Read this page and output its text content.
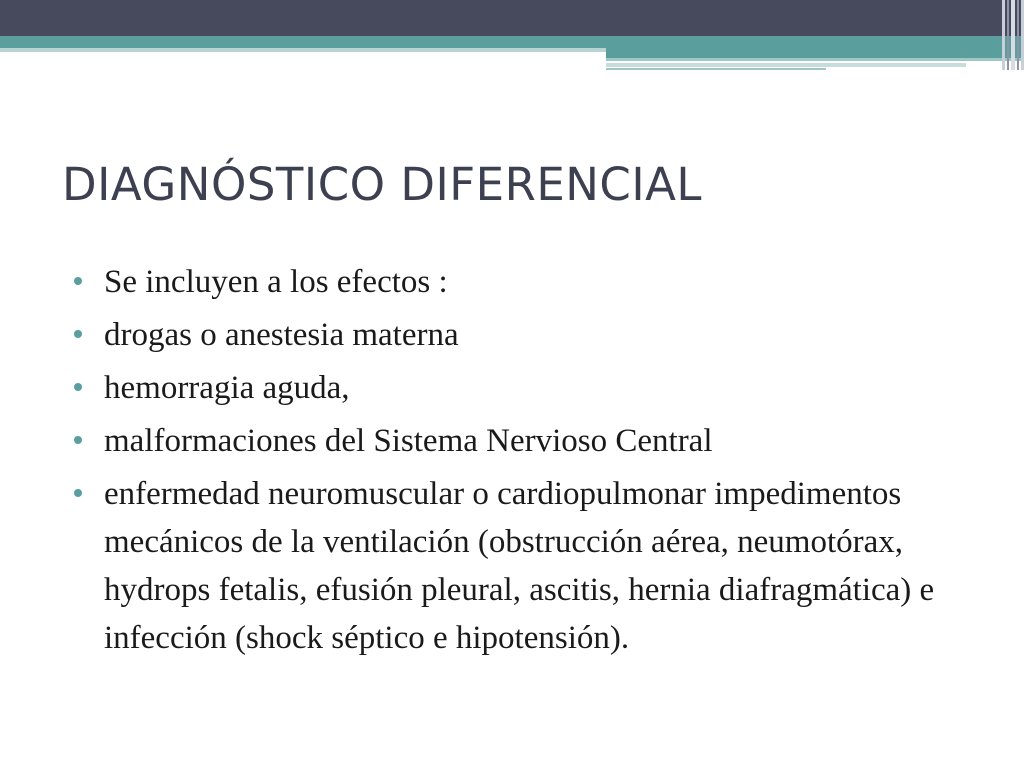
DIAGNÓSTICO DIFERENCIAL
Se incluyen a los efectos :
drogas o anestesia materna
hemorragia aguda,
malformaciones del Sistema Nervioso Central
enfermedad neuromuscular o cardiopulmonar impedimentos mecánicos de la ventilación (obstrucción aérea, neumotórax, hydrops fetalis, efusión pleural, ascitis, hernia diafragmática) e infección (shock séptico e hipotensión).
